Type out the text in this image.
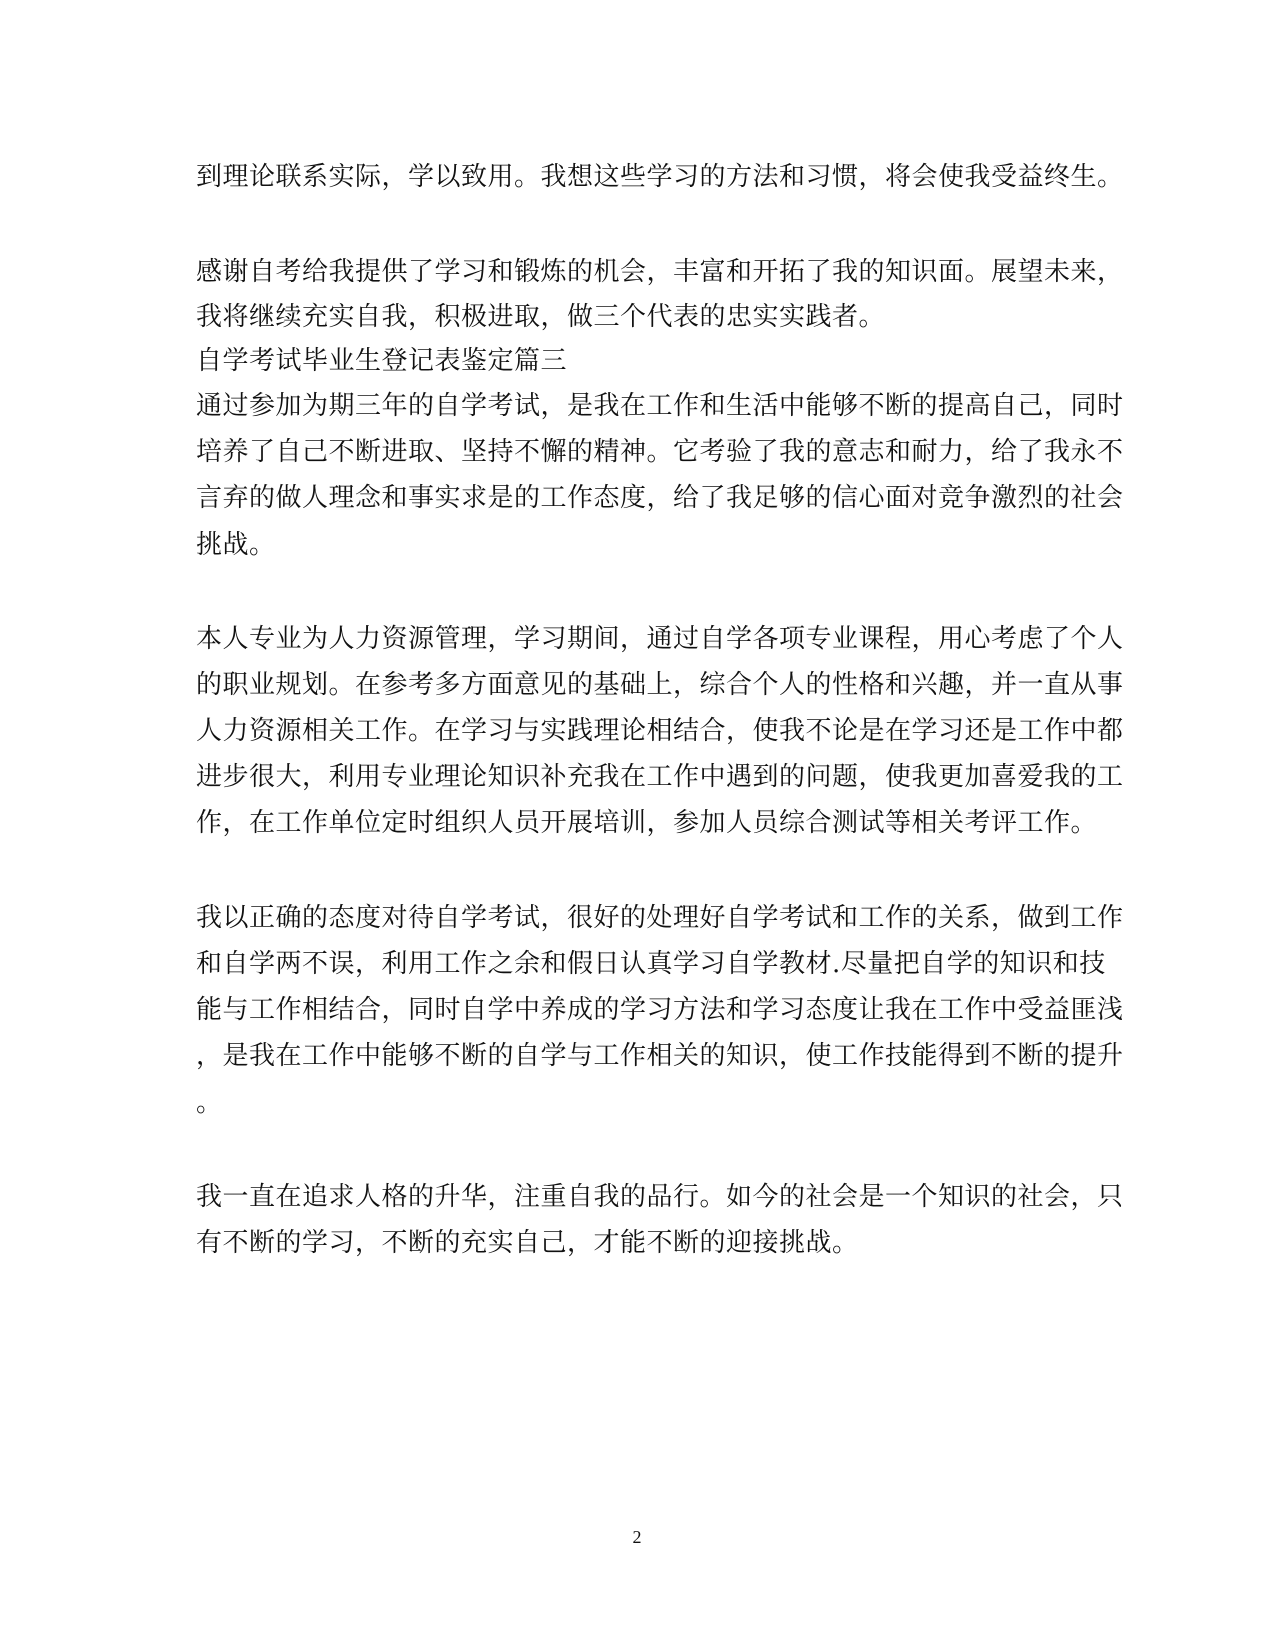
到理论联系实际，学以致用。我想这些学习的方法和习惯，将会使我受益终生。
感谢自考给我提供了学习和锻炼的机会，丰富和开拓了我的知识面。展望未来，
我将继续充实自我，积极进取，做三个代表的忠实实践者。
自学考试毕业生登记表鉴定篇三
通过参加为期三年的自学考试，是我在工作和生活中能够不断的提高自己，同时
培养了自己不断进取、坚持不懈的精神。它考验了我的意志和耐力，给了我永不
言弃的做人理念和事实求是的工作态度，给了我足够的信心面对竞争激烈的社会
挑战。
本人专业为人力资源管理，学习期间，通过自学各项专业课程，用心考虑了个人
的职业规划。在参考多方面意见的基础上，综合个人的性格和兴趣，并一直从事
人力资源相关工作。在学习与实践理论相结合，使我不论是在学习还是工作中都
进步很大，利用专业理论知识补充我在工作中遇到的问题，使我更加喜爱我的工
作，在工作单位定时组织人员开展培训，参加人员综合测试等相关考评工作。
我以正确的态度对待自学考试，很好的处理好自学考试和工作的关系，做到工作
和自学两不误，利用工作之余和假日认真学习自学教材.尽量把自学的知识和技
能与工作相结合，同时自学中养成的学习方法和学习态度让我在工作中受益匪浅
，是我在工作中能够不断的自学与工作相关的知识，使工作技能得到不断的提升
。
我一直在追求人格的升华，注重自我的品行。如今的社会是一个知识的社会，只
有不断的学习，不断的充实自己，才能不断的迎接挑战。
2
